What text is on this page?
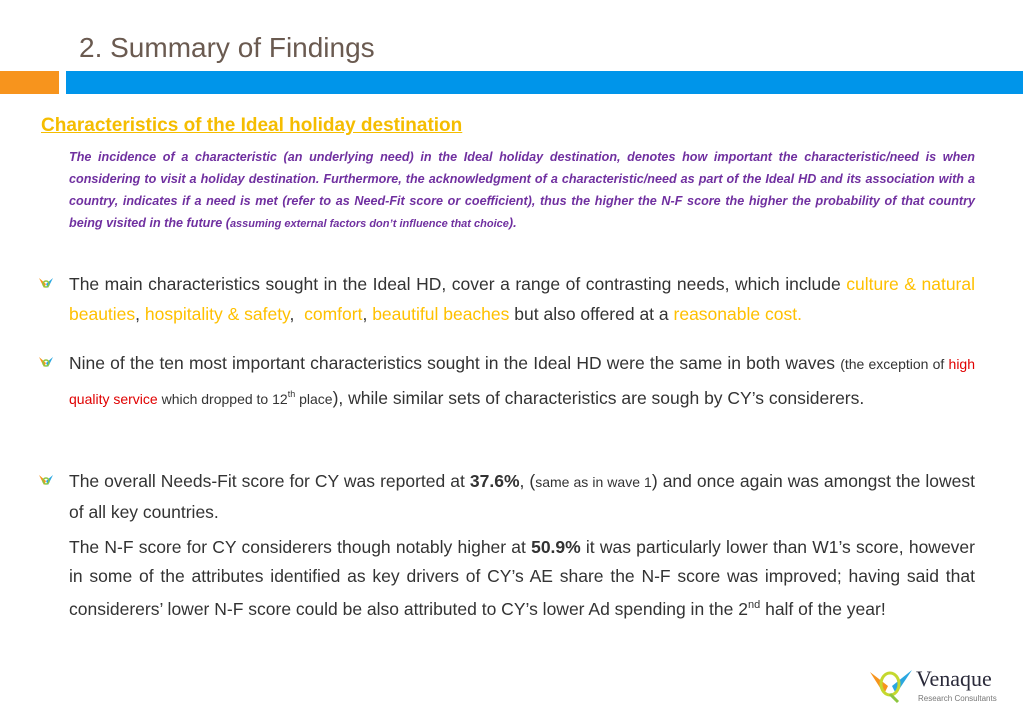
2. Summary of Findings
Characteristics of the Ideal holiday destination
The incidence of a characteristic (an underlying need) in the Ideal holiday destination, denotes how important the characteristic/need is when considering to visit a holiday destination. Furthermore, the acknowledgment of a characteristic/need as part of the Ideal HD and its association with a country, indicates if a need is met (refer to as Need-Fit score or coefficient), thus the higher the N-F score the higher the probability of that country being visited in the future (assuming external factors don’t influence that choice).
The main characteristics sought in the Ideal HD, cover a range of contrasting needs, which include culture & natural beauties, hospitality & safety,  comfort, beautiful beaches but also offered at a reasonable cost.
Nine of the ten most important characteristics sought in the Ideal HD were the same in both waves (the exception of high quality service which dropped to 12th place), while similar sets of characteristics are sough by CY’s considerers.
The overall Needs-Fit score for CY was reported at 37.6%, (same as in wave 1) and once again was amongst the lowest of all key countries.
The N-F score for CY considerers though notably higher at 50.9% it was particularly lower than W1’s score, however in some of the attributes identified as key drivers of CY’s AE share the N-F score was improved; having said that considerers’ lower N-F score could be also attributed to CY’s lower Ad spending in the 2nd half of the year!
Venaque
Research Consultants
